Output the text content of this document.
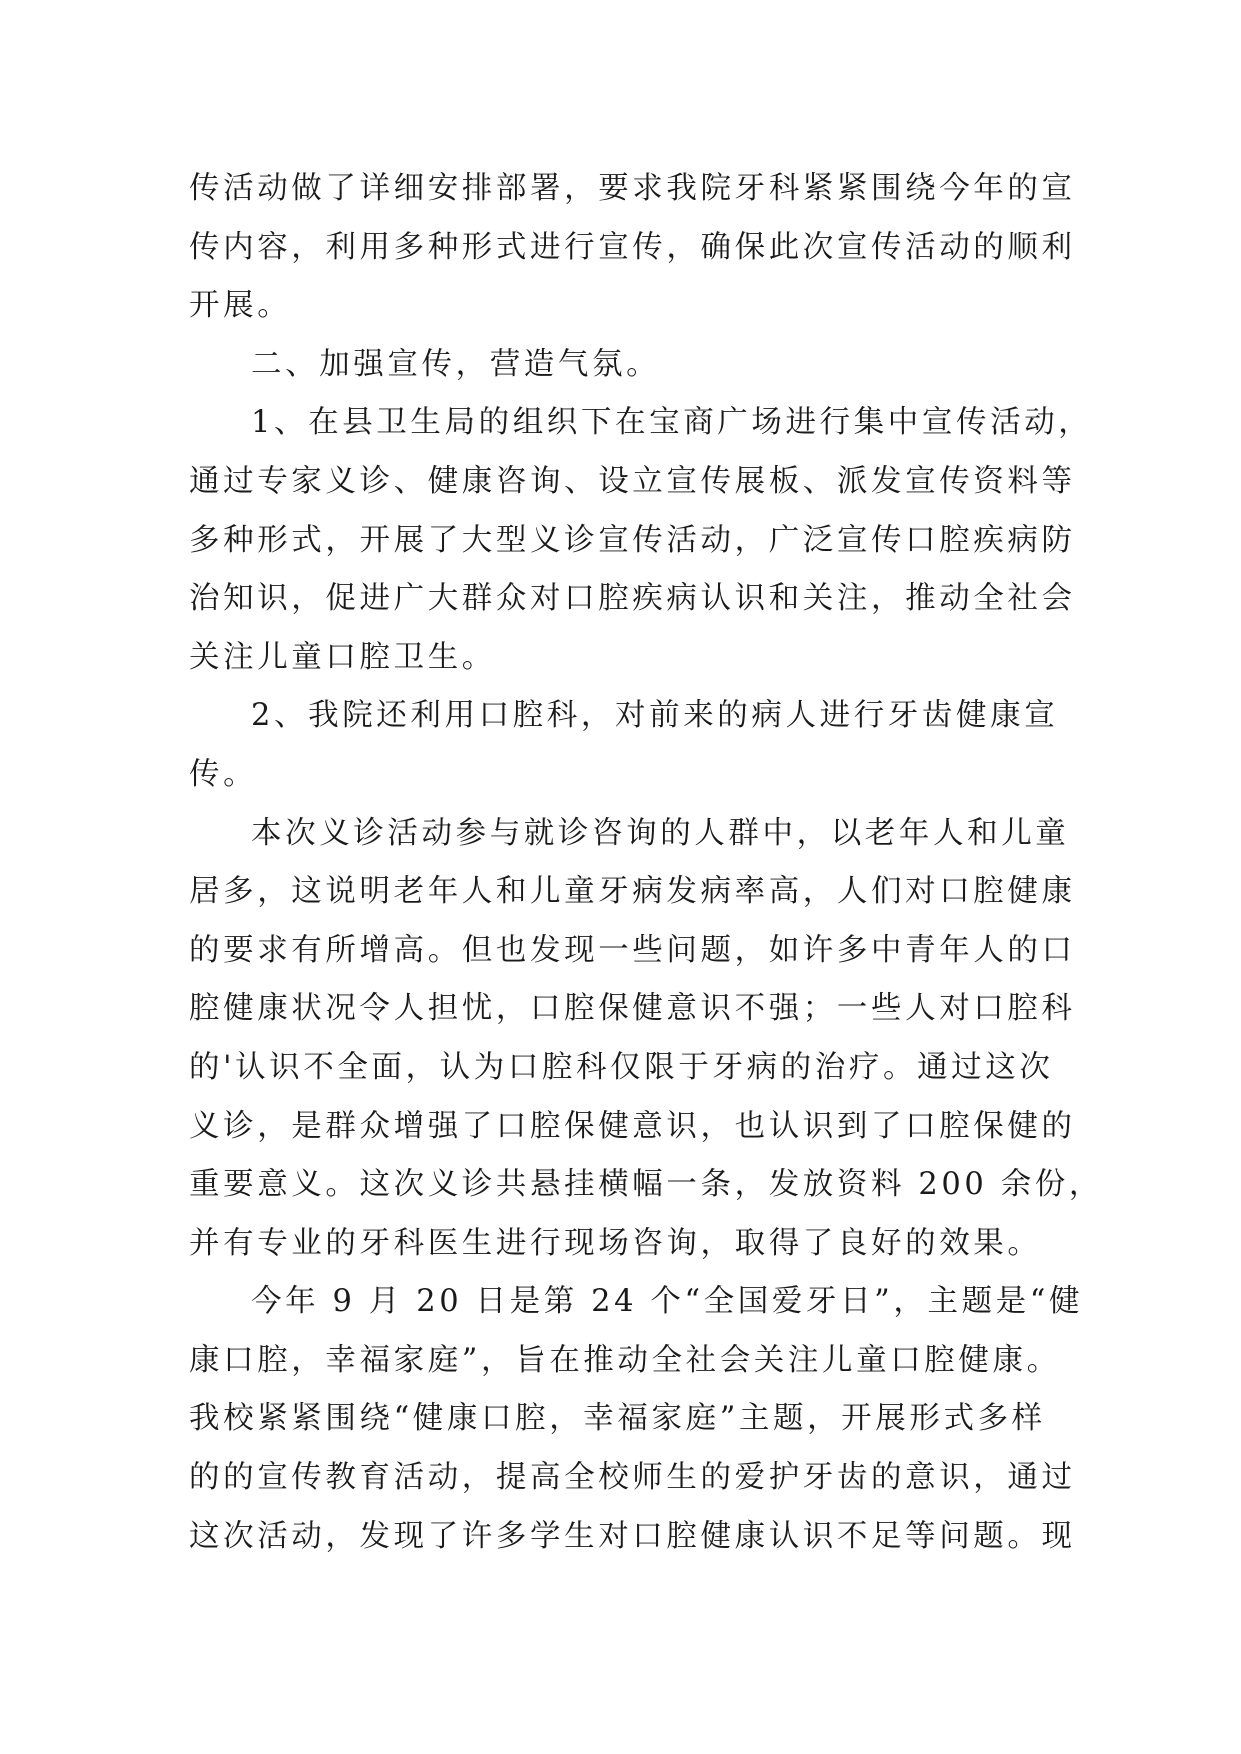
传活动做了详细安排部署，要求我院牙科紧紧围绕今年的宣
传内容，利用多种形式进行宣传，确保此次宣传活动的顺利
开展。
二、加强宣传，营造气氛。
1、在县卫生局的组织下在宝商广场进行集中宣传活动，
通过专家义诊、健康咨询、设立宣传展板、派发宣传资料等
多种形式，开展了大型义诊宣传活动，广泛宣传口腔疾病防
治知识，促进广大群众对口腔疾病认识和关注，推动全社会
关注儿童口腔卫生。
2、我院还利用口腔科，对前来的病人进行牙齿健康宣
传。
本次义诊活动参与就诊咨询的人群中，以老年人和儿童
居多，这说明老年人和儿童牙病发病率高，人们对口腔健康
的要求有所增高。但也发现一些问题，如许多中青年人的口
腔健康状况令人担忧，口腔保健意识不强；一些人对口腔科
的'认识不全面，认为口腔科仅限于牙病的治疗。通过这次
义诊，是群众增强了口腔保健意识，也认识到了口腔保健的
重要意义。这次义诊共悬挂横幅一条，发放资料 200 余份，
并有专业的牙科医生进行现场咨询，取得了良好的效果。
今年 9 月 20 日是第 24 个“全国爱牙日”，主题是“健
康口腔，幸福家庭”，旨在推动全社会关注儿童口腔健康。
我校紧紧围绕“健康口腔，幸福家庭”主题，开展形式多样
的的宣传教育活动，提高全校师生的爱护牙齿的意识，通过
这次活动，发现了许多学生对口腔健康认识不足等问题。现
